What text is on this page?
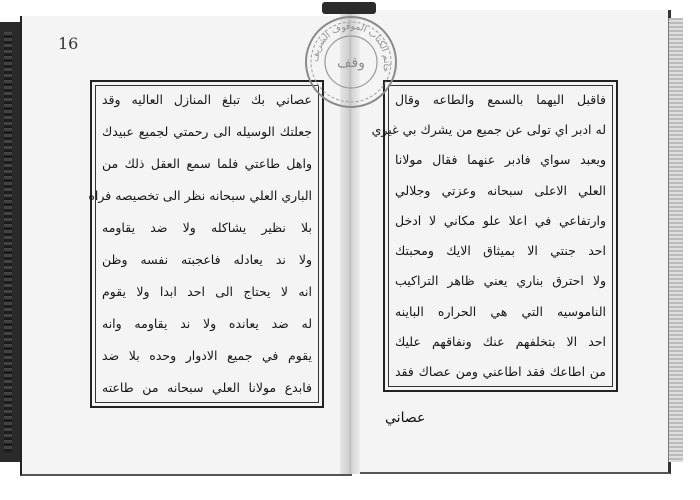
16
عصاني بك تبلغ المنازل العاليه وقد
جعلتك الوسيله الى رحمتي لجميع عبيدك
واهل طاعتي فلما سمع العقل ذلك من
الباري العلي سبحانه نظر الى تخصيصه فراه
بلا نظير يشاكله ولا ضد يقاومه
ولا ند يعادله فاعجبته نفسه وظن
انه لا يحتاج الى احد ابدا ولا يقوم
له ضد يعانده ولا ند يقاومه وانه
يقوم في جميع الادوار وحده بلا ضد
فابدع مولانا العلي سبحانه من طاعته
فاقبل اليهما بالسمع والطاعه وقال
له ادبر اي تولى عن جميع من يشرك بي غيري
ويعبد سواي فادبر عنهما فقال مولانا
العلي الاعلى سبحانه وعزتي وجلالي
وارتفاعي في اعلا علو مكاني لا ادخل
احد جنتي الا بميثاق الايك ومحبتك
ولا احترق بناري يعني ظاهر التراكيب
الناموسيه التي هي الحراره الباينه
احد الا بتخلفهم عنك ونفاقهم عليك
من اطاعك فقد اطاعني ومن عصاك فقد
عصاني
خاتم الكتاب الموقوف الشريف
وقف
